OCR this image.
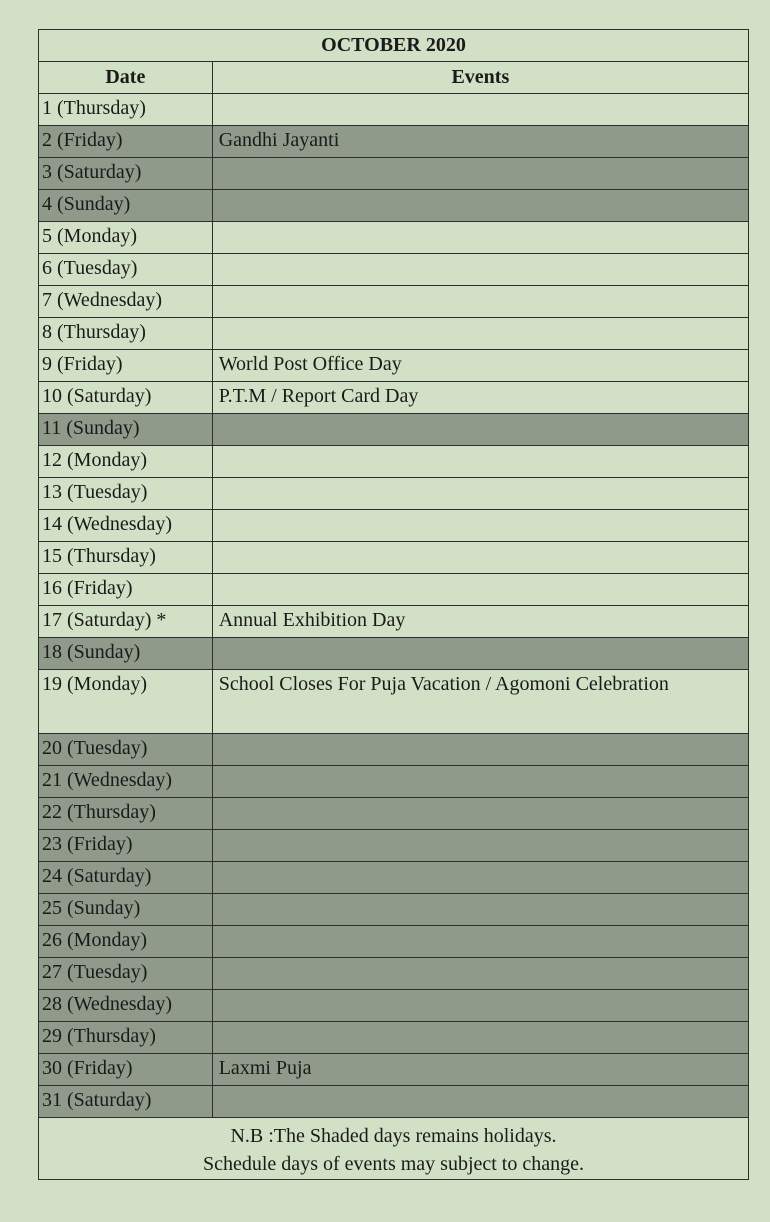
OCTOBER 2020	
Date	Events
1 (Thursday)	
2 (Friday)	Gandhi Jayanti
3 (Saturday)	
4 (Sunday)	
5 (Monday)	
6 (Tuesday)	
7 (Wednesday)	
8 (Thursday)	
9 (Friday)	World Post Office Day
10 (Saturday)	P.T.M / Report Card Day
11 (Sunday)	
12 (Monday)	
13 (Tuesday)	
14 (Wednesday)	
15 (Thursday)	
16 (Friday)	
17 (Saturday) *	Annual Exhibition Day
18 (Sunday)	
19 (Monday)	School Closes For Puja Vacation / Agomoni Celebration
20 (Tuesday)	
21 (Wednesday)	
22 (Thursday)	
23 (Friday)	
24 (Saturday)	
25 (Sunday)	
26 (Monday)	
27 (Tuesday)	
28 (Wednesday)	
29 (Thursday)	
30 (Friday)	Laxmi Puja
31 (Saturday)	

N.B :The Shaded days remains holidays.
Schedule days of events may subject to change.	
